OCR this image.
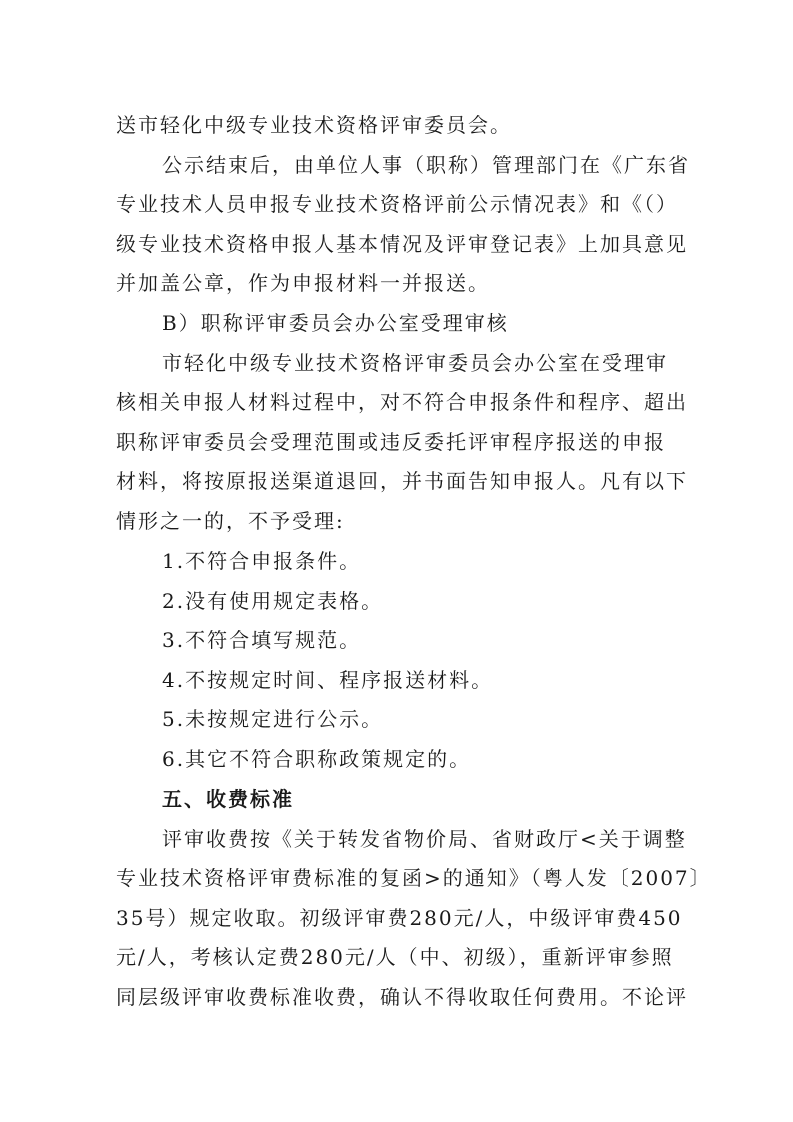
送市轻化中级专业技术资格评审委员会。
公示结束后，由单位人事（职称）管理部门在《广东省
专业技术人员申报专业技术资格评前公示情况表》和《（）
级专业技术资格申报人基本情况及评审登记表》上加具意见
并加盖公章，作为申报材料一并报送。
B）职称评审委员会办公室受理审核
市轻化中级专业技术资格评审委员会办公室在受理审
核相关申报人材料过程中，对不符合申报条件和程序、超出
职称评审委员会受理范围或违反委托评审程序报送的申报
材料，将按原报送渠道退回，并书面告知申报人。凡有以下
情形之一的，不予受理:
1.不符合申报条件。
2.没有使用规定表格。
3.不符合填写规范。
4.不按规定时间、程序报送材料。
5.未按规定进行公示。
6.其它不符合职称政策规定的。
五、收费标准
评审收费按《关于转发省物价局、省财政厅<关于调整
专业技术资格评审费标准的复函>的通知》（粤人发〔2007〕
35号）规定收取。初级评审费280元/人，中级评审费450
元/人，考核认定费280元/人（中、初级），重新评审参照
同层级评审收费标准收费，确认不得收取任何费用。不论评
